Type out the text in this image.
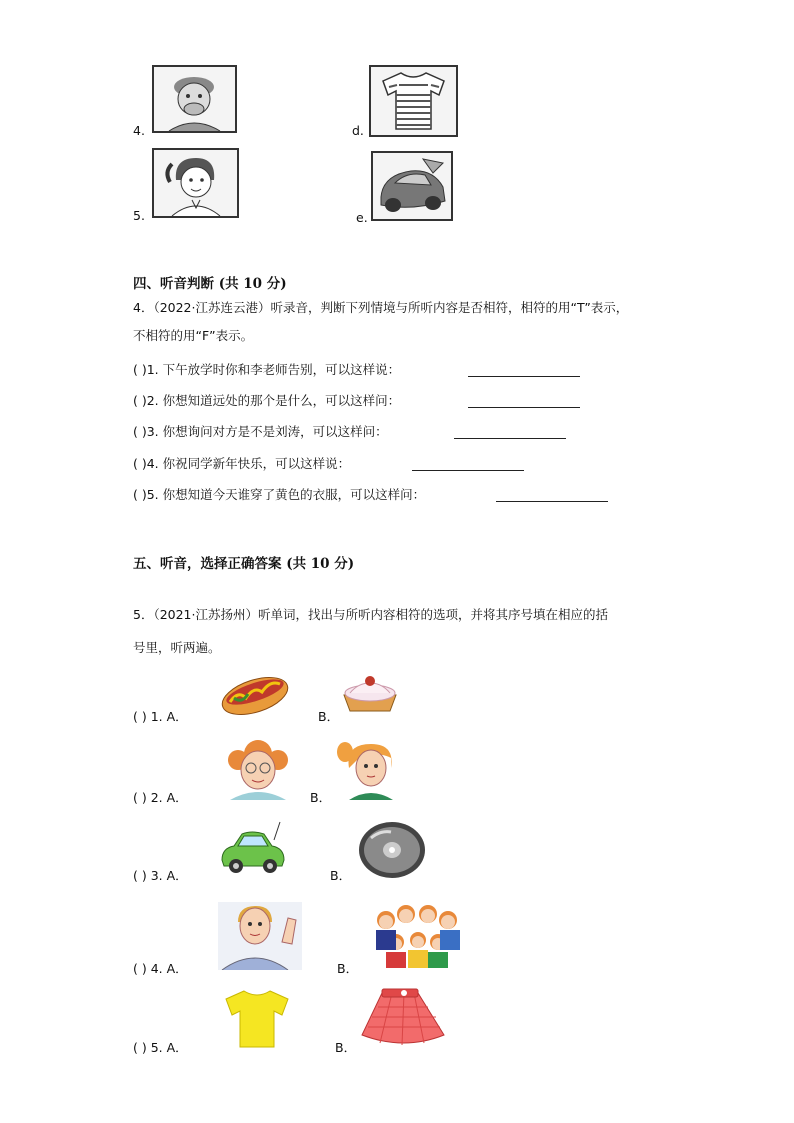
4.	d.
5.	e.
四、听音判断 (共 10 分)
4．（2022·江苏连云港）听录音，判断下列情境与所听内容是否相符，相符的用“T”表示，
不相符的用“F”表示。
( )1. 下午放学时你和李老师告别，可以这样说：
( )2. 你想知道远处的那个是什么，可以这样问：
( )3. 你想询问对方是不是刘涛，可以这样问：
( )4. 你祝同学新年快乐，可以这样说：
( )5. 你想知道今天谁穿了黄色的衣服，可以这样问：
五、听音，选择正确答案 (共 10 分)
5．（2021·江苏扬州）听单词，找出与所听内容相符的选项，并将其序号填在相应的括
号里，听两遍。
( ) 1. A．	B．
( ) 2. A．	B．
( ) 3. A．	B．
( ) 4. A．	B．
( ) 5. A．	B．
